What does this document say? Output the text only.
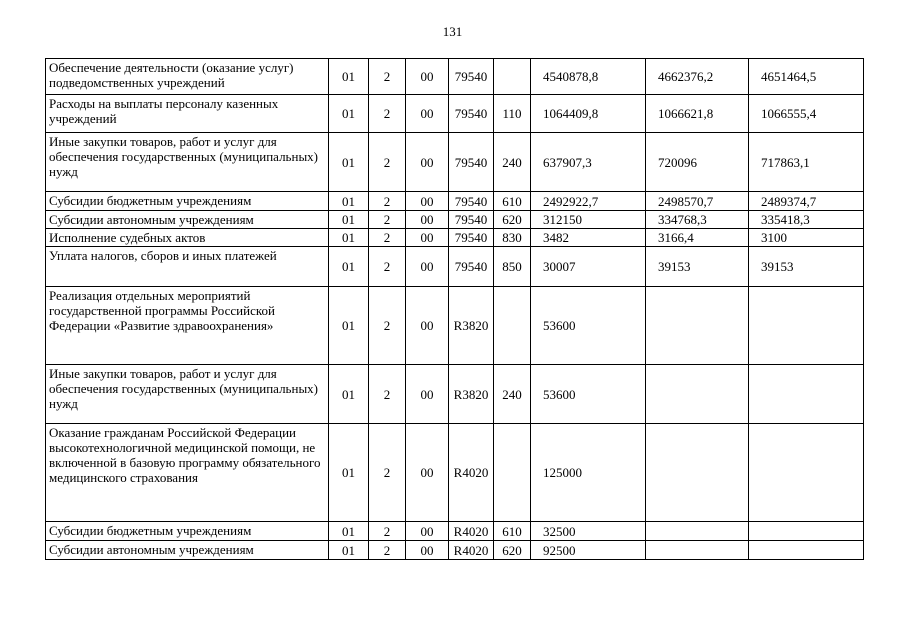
131
Обеспечение деятельности (оказание услуг) подведомственных учреждений	01	2	00	79540		4540878,8	4662376,2	4651464,5
Расходы на выплаты персоналу казенных учреждений	01	2	00	79540	110	1064409,8	1066621,8	1066555,4
Иные закупки товаров, работ и услуг для обеспечения государственных (муниципальных) нужд	01	2	00	79540	240	637907,3	720096	717863,1
Субсидии бюджетным учреждениям	01	2	00	79540	610	2492922,7	2498570,7	2489374,7
Субсидии автономным учреждениям	01	2	00	79540	620	312150	334768,3	335418,3
Исполнение судебных актов	01	2	00	79540	830	3482	3166,4	3100
Уплата налогов, сборов и иных платежей	01	2	00	79540	850	30007	39153	39153
Реализация отдельных мероприятий государственной программы Российской Федерации «Развитие здравоохранения»	01	2	00	R3820		53600		
Иные закупки товаров, работ и услуг для обеспечения государственных (муниципальных) нужд	01	2	00	R3820	240	53600		
Оказание гражданам Российской Федерации высокотехнологичной медицинской помощи, не включенной в базовую программу обязательного медицинского страхования	01	2	00	R4020		125000		
Субсидии бюджетным учреждениям	01	2	00	R4020	610	32500		
Субсидии автономным учреждениям	01	2	00	R4020	620	92500		
